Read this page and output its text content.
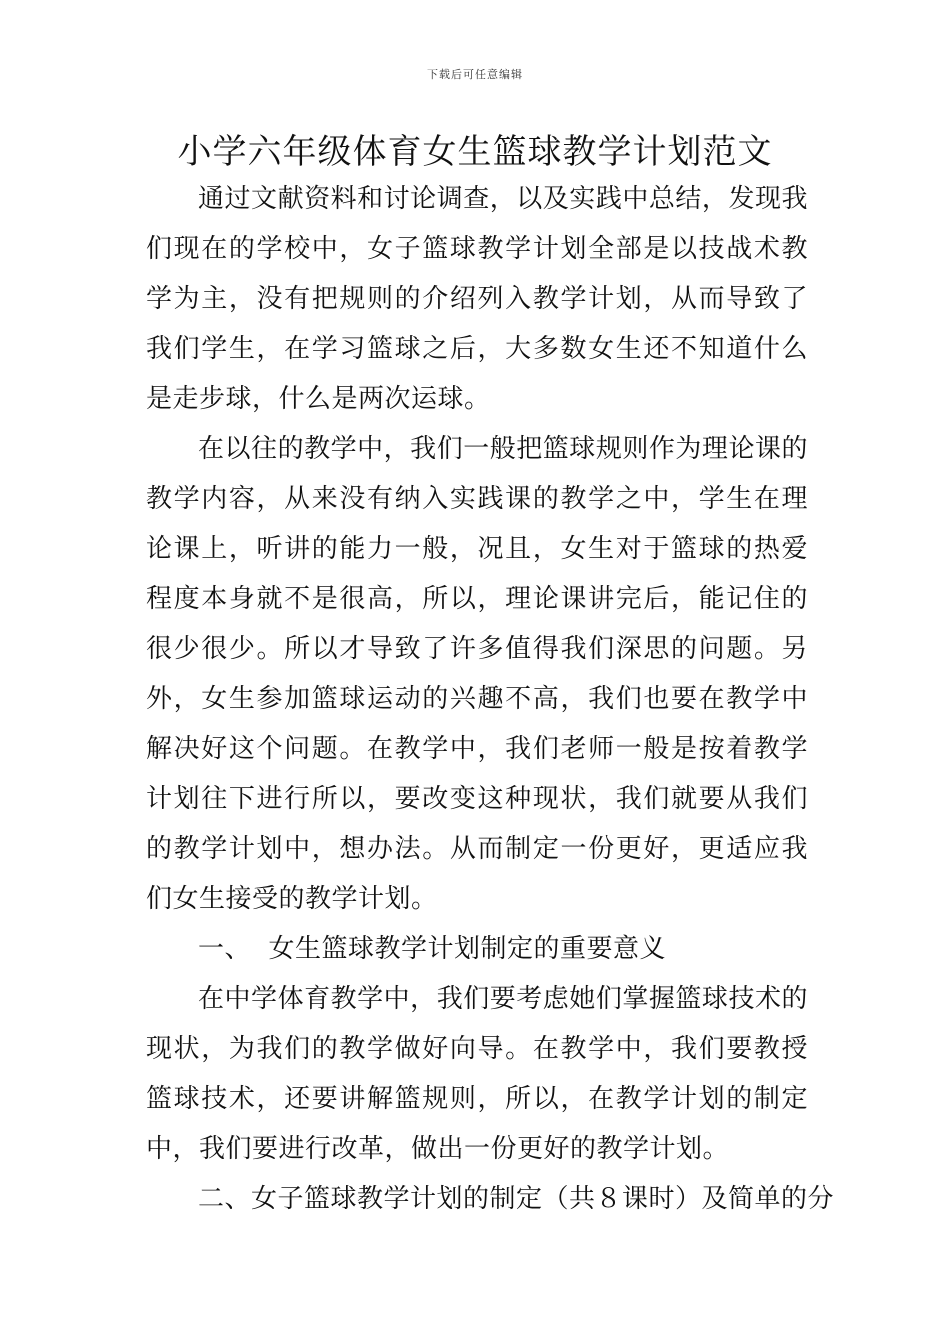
下载后可任意编辑
小学六年级体育女生篮球教学计划范文

通过文献资料和讨论调查，以及实践中总结，发现我们现在的学校中，女子篮球教学计划全部是以技战术教学为主，没有把规则的介绍列入教学计划，从而导致了我们学生，在学习篮球之后，大多数女生还不知道什么是走步球，什么是两次运球。

在以往的教学中，我们一般把篮球规则作为理论课的教学内容，从来没有纳入实践课的教学之中，学生在理论课上，听讲的能力一般，况且，女生对于篮球的热爱程度本身就不是很高，所以，理论课讲完后，能记住的很少很少。所以才导致了许多值得我们深思的问题。另外，女生参加篮球运动的兴趣不高，我们也要在教学中解决好这个问题。在教学中，我们老师一般是按着教学计划往下进行所以，要改变这种现状，我们就要从我们的教学计划中，想办法。从而制定一份更好，更适应我们女生接受的教学计划。

一、  女生篮球教学计划制定的重要意义

在中学体育教学中，我们要考虑她们掌握篮球技术的现状，为我们的教学做好向导。在教学中，我们要教授篮球技术，还要讲解篮规则，所以，在教学计划的制定中，我们要进行改革，做出一份更好的教学计划。

二、女子篮球教学计划的制定（共８课时）及简单的分
